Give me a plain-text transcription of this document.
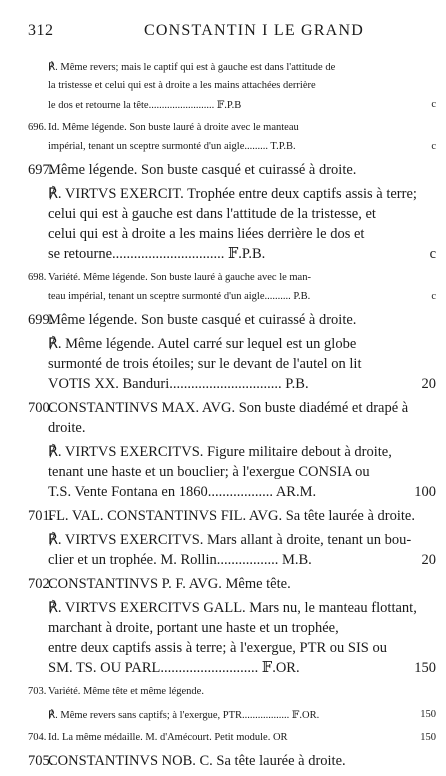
312	CONSTANTIN I LE GRAND
℟. Même revers; mais le captif qui est à gauche est dans l'attitude de
la tristesse et celui qui est à droite a les mains attachées derrière
le dos et retourne la tête......................... 𝔽.P.B	c
696. Id. Même légende. Son buste lauré à droite avec le manteau
impérial, tenant un sceptre surmonté d'un aigle......... T.P.B.	c
697.
Même légende. Son buste casqué et cuirassé à droite.
℟. VIRTVS EXERCIT. Trophée entre deux captifs assis à terre;
celui qui est à gauche est dans l'attitude de la tristesse, et
celui qui est à droite a les mains liées derrière le dos et
se retourne............................... 𝔽.P.B.	c
698. Variété. Même légende. Son buste lauré à gauche avec le man-
teau impérial, tenant un sceptre surmonté d'un aigle.......... P.B.	c
699.
Même légende. Son buste casqué et cuirassé à droite.
℟. Même légende. Autel carré sur lequel est un globe
surmonté de trois étoiles; sur le devant de l'autel on lit
VOTIS XX. Banduri............................... P.B.	20
700.
CONSTANTINVS MAX. AVG. Son buste diadémé et drapé à
droite.
℟. VIRTVS EXERCITVS. Figure militaire debout à droite,
tenant une haste et un bouclier; à l'exergue CONSIA ou
T.S. Vente Fontana en 1860.................. AR.M.	100
701.
FL. VAL. CONSTANTINVS FIL. AVG. Sa tête laurée à droite.
℟. VIRTVS EXERCITVS. Mars allant à droite, tenant un bou-
clier et un trophée. M. Rollin................. M.B.	20
702.
CONSTANTINVS P. F. AVG. Même tête.
℟. VIRTVS EXERCITVS GALL. Mars nu, le manteau flottant,
marchant à droite, portant une haste et un trophée,
entre deux captifs assis à terre; à l'exergue, PTR ou SIS ou
SM. TS. OU PARL........................... 𝔽.OR.	150
703. Variété. Même tête et même légende.
℟. Même revers sans captifs; à l'exergue, PTR.................. 𝔽.OR.	150
704. Id. La même médaille. M. d'Amécourt. Petit module. OR	150
705.
CONSTANTINVS NOB. C. Sa tête laurée à droite.
